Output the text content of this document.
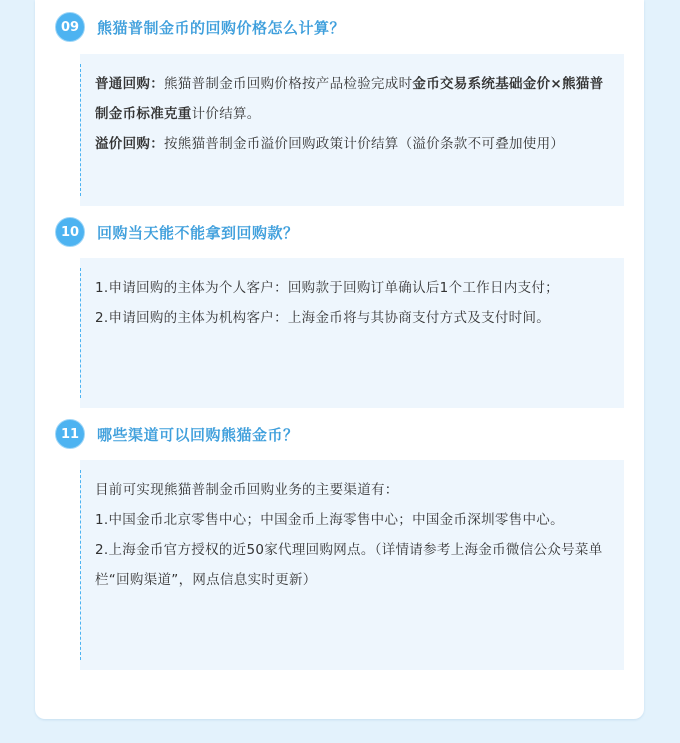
09	熊猫普制金币的回购价格怎么计算？

普通回购：熊猫普制金币回购价格按产品检验完成时金币交易系统基础金价×熊猫普制金币标准克重计价结算。

溢价回购：按熊猫普制金币溢价回购政策计价结算（溢价条款不可叠加使用）

10	回购当天能不能拿到回购款？

1.申请回购的主体为个人客户：回购款于回购订单确认后1个工作日内支付；

2.申请回购的主体为机构客户：上海金币将与其协商支付方式及支付时间。

11	哪些渠道可以回购熊猫金币？

目前可实现熊猫普制金币回购业务的主要渠道有：

1.中国金币北京零售中心；中国金币上海零售中心；中国金币深圳零售中心。

2.上海金币官方授权的近50家代理回购网点。（详情请参考上海金币微信公众号菜单栏“回购渠道”，网点信息实时更新）
